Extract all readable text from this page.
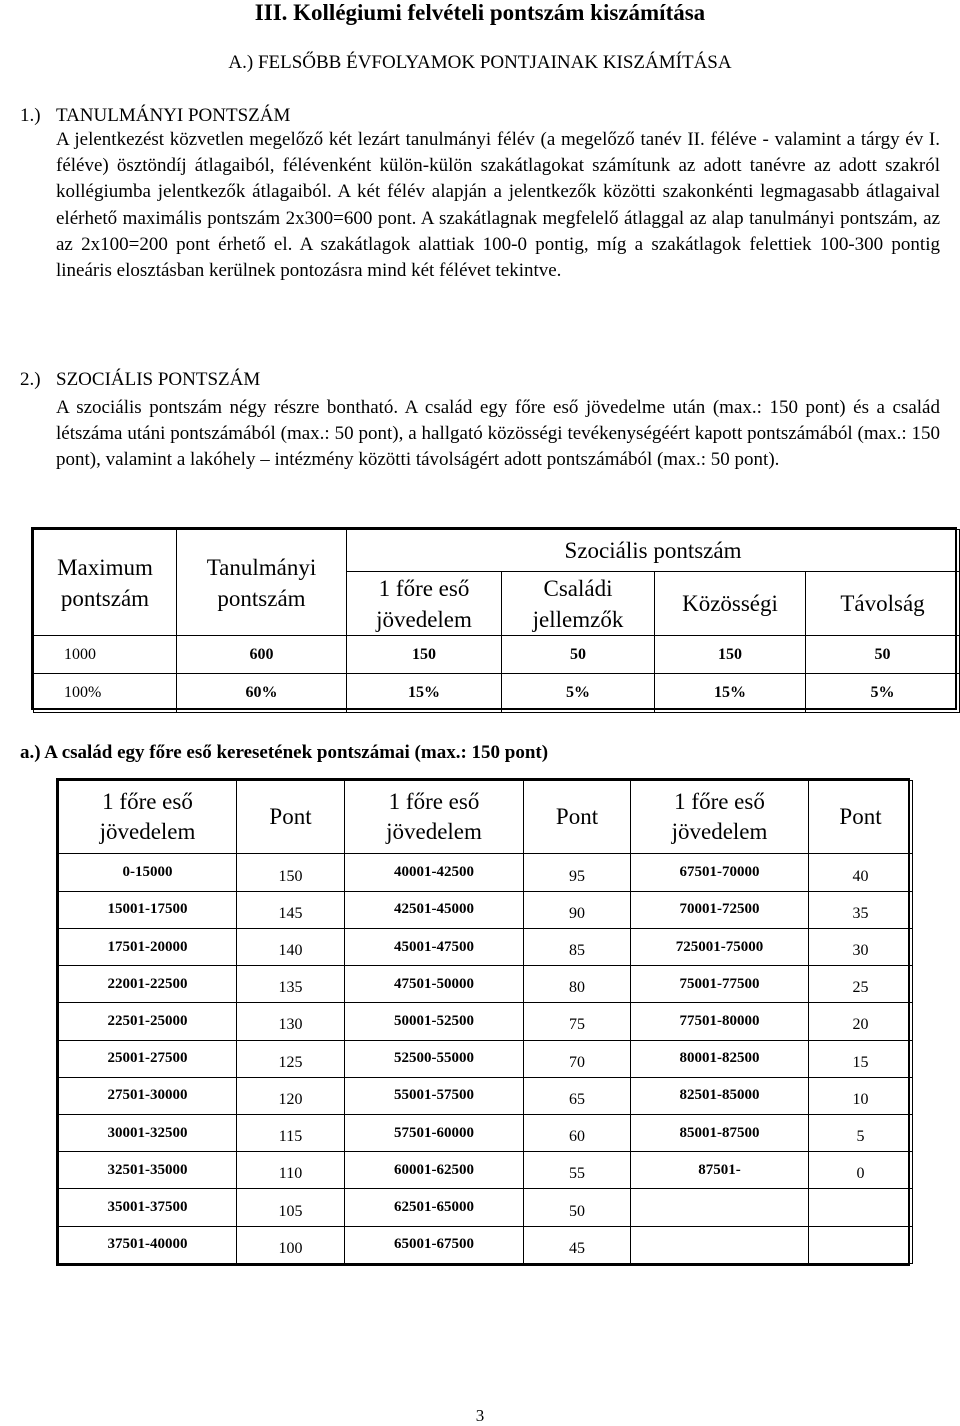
III. Kollégiumi felvételi pontszám kiszámítása
A.) FELSŐBB ÉVFOLYAMOK PONTJAINAK KISZÁMÍTÁSA
1.) TANULMÁNYI PONTSZÁM
A jelentkezést közvetlen megelőző két lezárt tanulmányi félév (a megelőző tanév II. féléve - valamint a tárgy év I. féléve) ösztöndíj átlagaiból, félévenként külön-külön szakátlagokat számítunk az adott tanévre az adott szakról kollégiumba jelentkezők átlagaiból. A két félév alapján a jelentkezők közötti szakonkénti legmagasabb átlagaival elérhető maximális pontszám 2x300=600 pont. A szakátlagnak megfelelő átlaggal az alap tanulmányi pontszám, az az 2x100=200 pont érhető el. A szakátlagok alattiak 100-0 pontig, míg a szakátlagok felettiek 100-300 pontig lineáris elosztásban kerülnek pontozásra mind két félévet tekintve.
2.) SZOCIÁLIS PONTSZÁM
A szociális pontszám négy részre bontható. A család egy főre eső jövedelme után (max.: 150 pont) és a család létszáma utáni pontszámából (max.: 50 pont), a hallgató közösségi tevékenységéért kapott pontszámából (max.: 150 pont), valamint a lakóhely – intézmény közötti távolságért adott pontszámából (max.: 50 pont).
Maximum pontszám	Tanulmányi pontszám	Szociális pontszám			
		1 főre eső jövedelem	Családi jellemzők	Közösségi	Távolság
1000	600	150	50	150	50
100%	60%	15%	5%	15%	5%
a.) A család egy főre eső keresetének pontszámai (max.: 150 pont)
1 főre eső jövedelem	Pont	1 főre eső jövedelem	Pont	1 főre eső jövedelem	Pont
0-15000	150	40001-42500	95	67501-70000	40
15001-17500	145	42501-45000	90	70001-72500	35
17501-20000	140	45001-47500	85	725001-75000	30
22001-22500	135	47501-50000	80	75001-77500	25
22501-25000	130	50001-52500	75	77501-80000	20
25001-27500	125	52500-55000	70	80001-82500	15
27501-30000	120	55001-57500	65	82501-85000	10
30001-32500	115	57501-60000	60	85001-87500	5
32501-35000	110	60001-62500	55	87501-	0
35001-37500	105	62501-65000	50		
37501-40000	100	65001-67500	45		
3
